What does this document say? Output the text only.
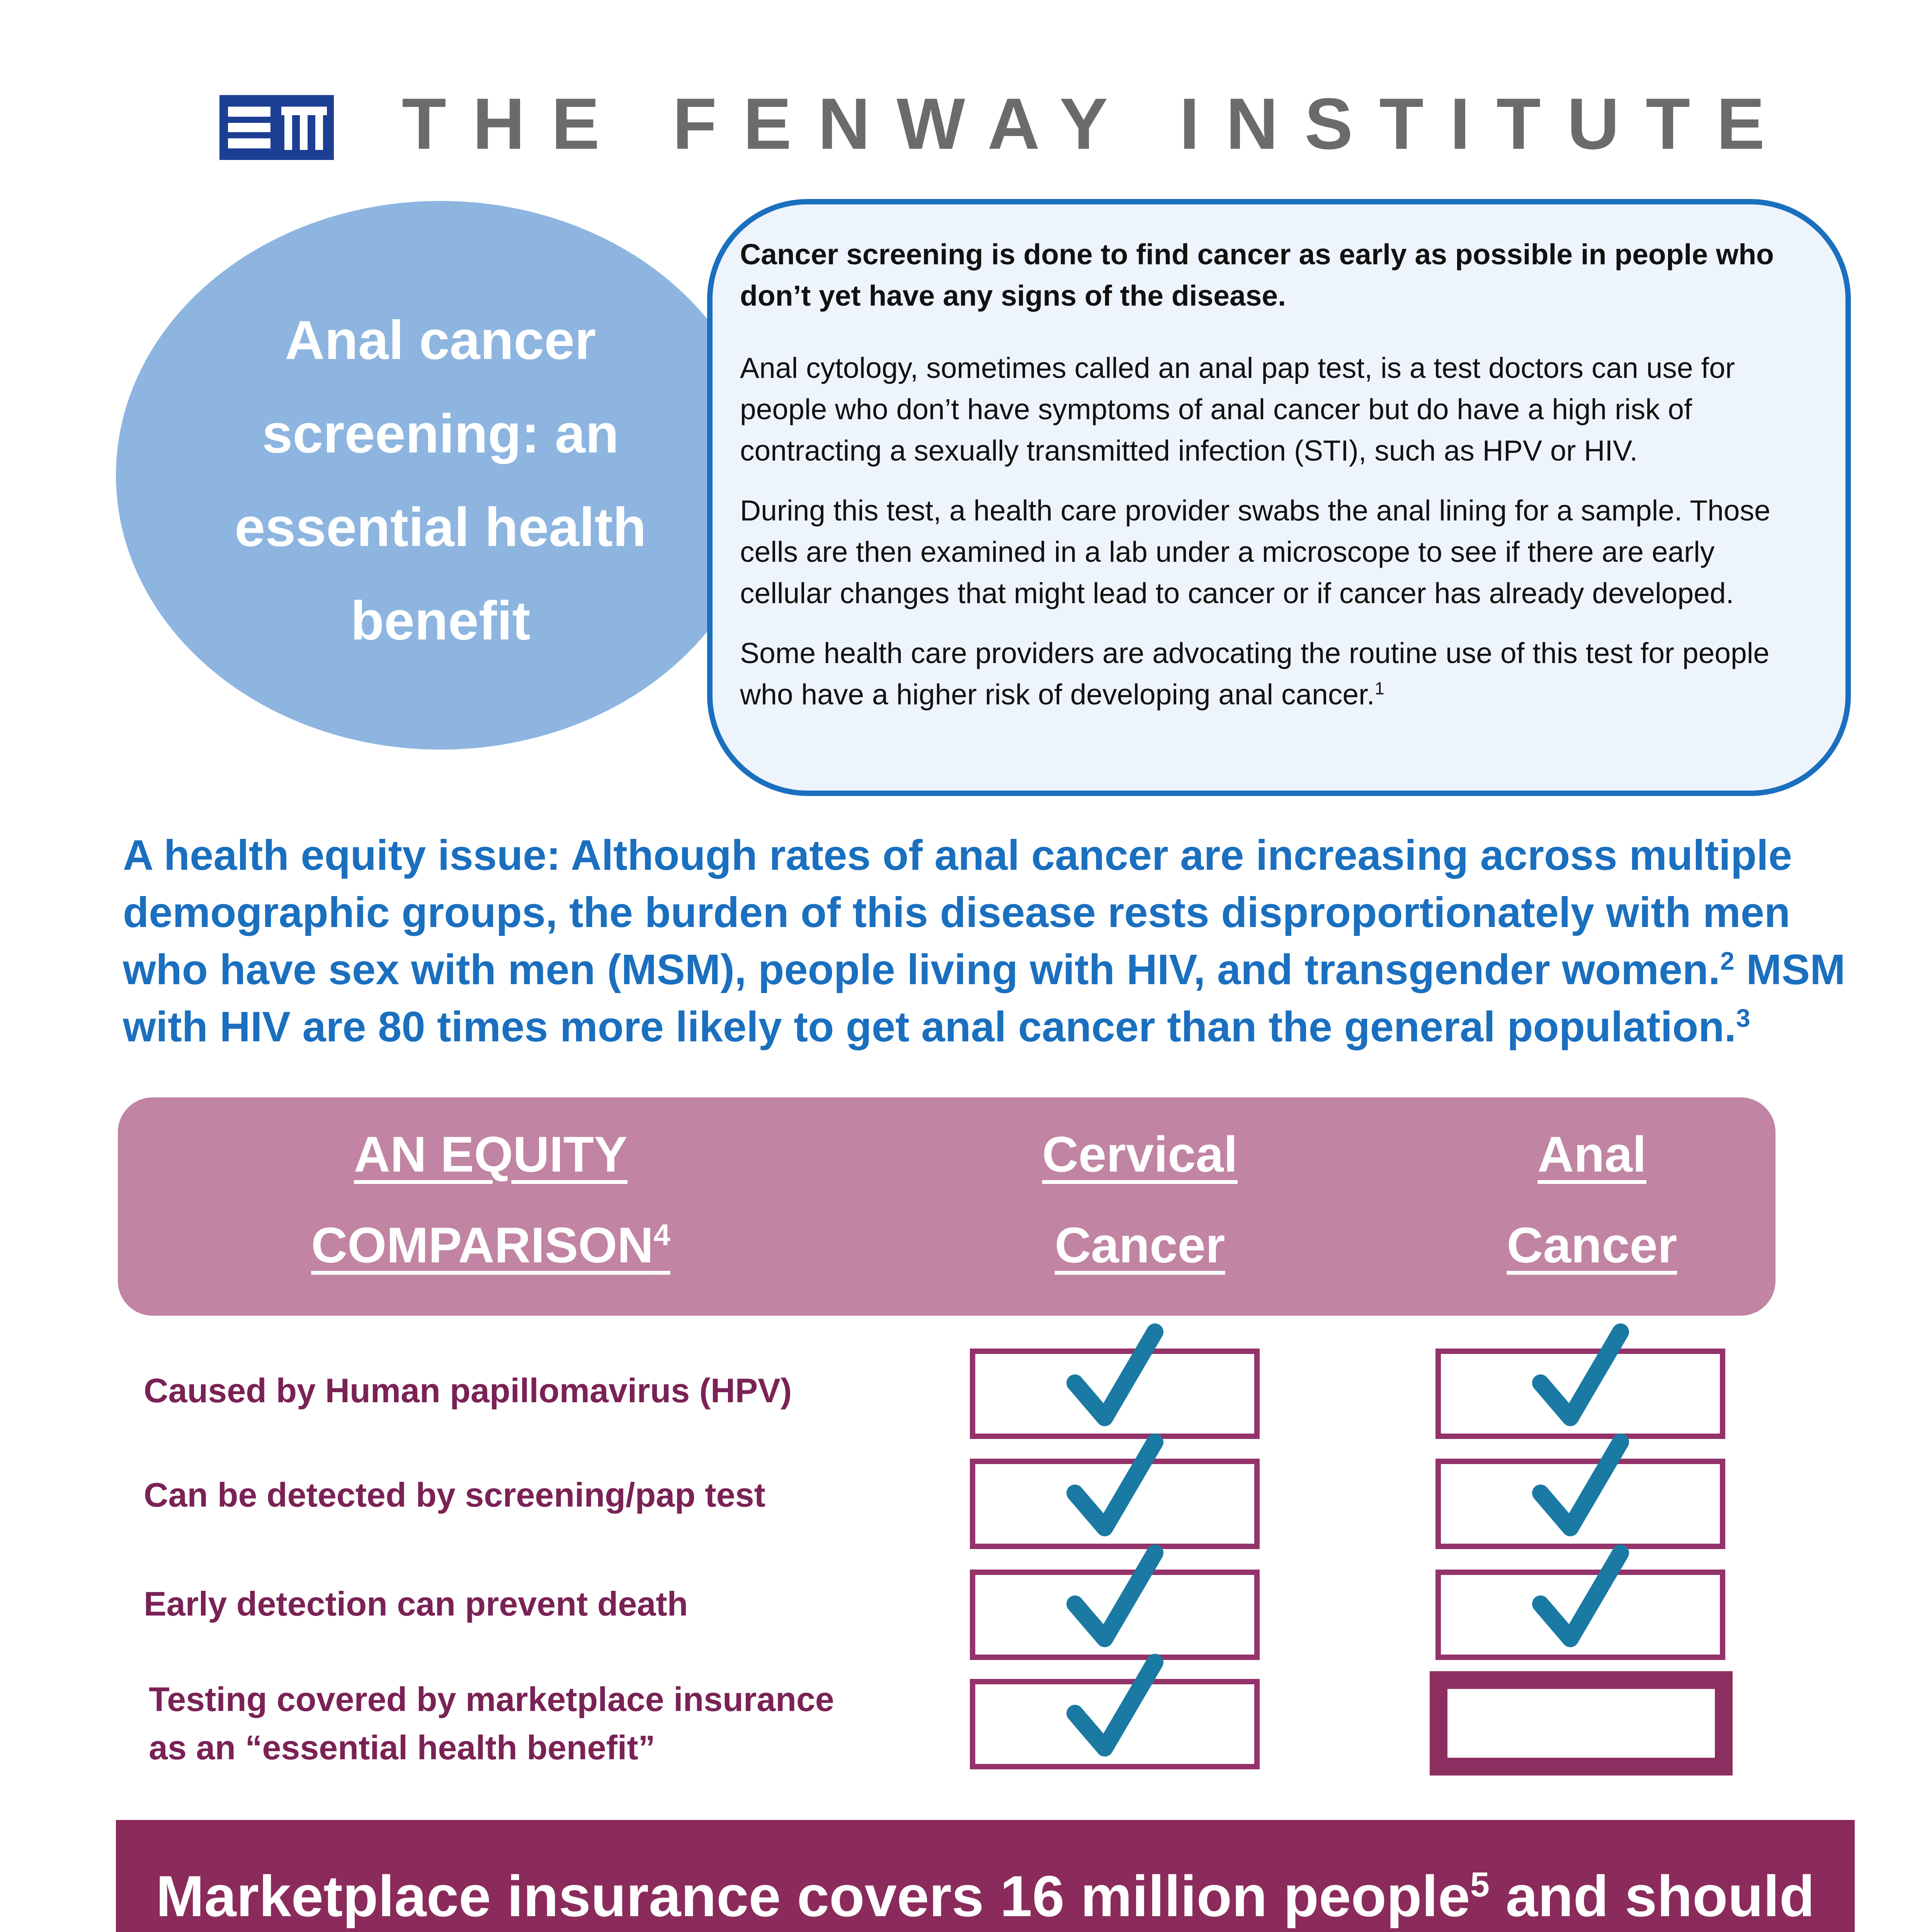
THE FENWAY INSTITUTE
Anal cancer
screening: an
essential health
benefit

Cancer screening is done to find cancer as early as possible in people who don’t yet have any signs of the disease.

Anal cytology, sometimes called an anal pap test, is a test doctors can use for people who don’t have symptoms of anal cancer but do have a high risk of contracting a sexually transmitted infection (STI), such as HPV or HIV.

During this test, a health care provider swabs the anal lining for a sample. Those cells are then examined in a lab under a microscope to see if there are early cellular changes that might lead to cancer or if cancer has already developed.

Some health care providers are advocating the routine use of this test for people who have a higher risk of developing anal cancer.$^1$

A health equity issue: Although rates of anal cancer are increasing across multiple demographic groups, the burden of this disease rests disproportionately with men who have sex with men (MSM), people living with HIV, and transgender women.$^2$ MSM with HIV are 80 times more likely to get anal cancer than the general population.$^3$
AN EQUITY
COMPARISON$^4$
Cervical
Cancer
Anal
Cancer
Caused by Human papillomavirus (HPV)
Can be detected by screening/pap test
Early detection can prevent death
Testing covered by marketplace insurance
as an “essential health benefit”
Marketplace insurance covers 16 million people$^5$ and should
